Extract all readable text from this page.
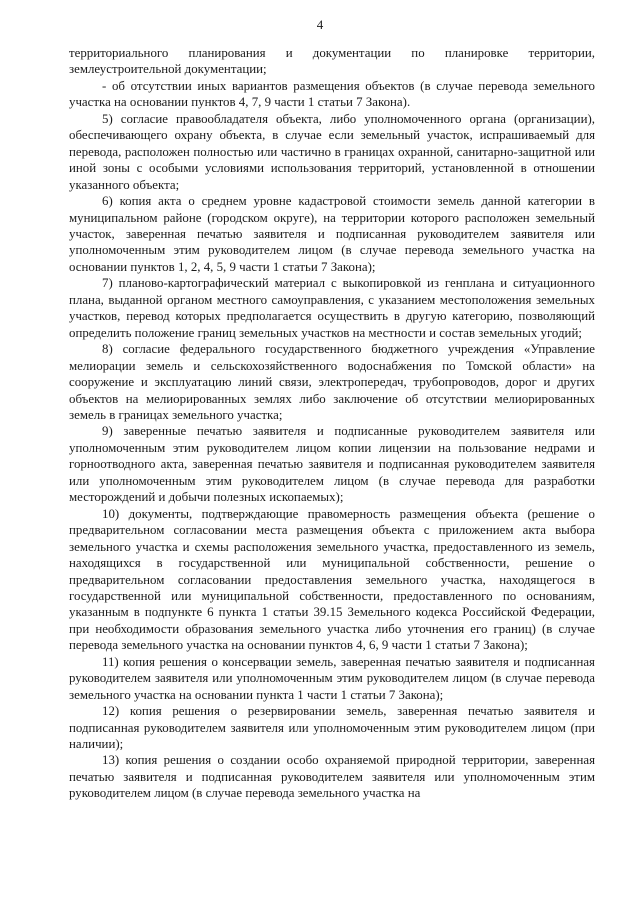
4

территориального планирования и документации по планировке территории, землеустроительной документации;

- об отсутствии иных вариантов размещения объектов (в случае перевода земельного участка на основании пунктов 4, 7, 9 части 1 статьи 7 Закона).

5) согласие правообладателя объекта, либо уполномоченного органа (организации), обеспечивающего охрану объекта, в случае если земельный участок, испрашиваемый для перевода, расположен полностью или частично в границах охранной, санитарно-защитной или иной зоны с особыми условиями использования территорий, установленной в отношении указанного объекта;

6) копия акта о среднем уровне кадастровой стоимости земель данной категории в муниципальном районе (городском округе), на территории которого расположен земельный участок, заверенная печатью заявителя и подписанная руководителем заявителя или уполномоченным этим руководителем лицом (в случае перевода земельного участка на основании пунктов 1, 2, 4, 5, 9 части 1 статьи 7 Закона);

7) планово-картографический материал с выкопировкой из генплана и ситуационного плана, выданной органом местного самоуправления, с указанием местоположения земельных участков, перевод которых предполагается осуществить в другую категорию, позволяющий определить положение границ земельных участков на местности и состав земельных угодий;

8) согласие федерального государственного бюджетного учреждения «Управление мелиорации земель и сельскохозяйственного водоснабжения по Томской области» на сооружение и эксплуатацию линий связи, электропередач, трубопроводов, дорог и других объектов на мелиорированных землях либо заключение об отсутствии мелиорированных земель в границах земельного участка;

9) заверенные печатью заявителя и подписанные руководителем заявителя или уполномоченным этим руководителем лицом копии лицензии на пользование недрами и горноотводного акта, заверенная печатью заявителя и подписанная руководителем заявителя или уполномоченным этим руководителем лицом (в случае перевода для разработки месторождений и добычи полезных ископаемых);

10) документы, подтверждающие правомерность размещения объекта (решение о предварительном согласовании места размещения объекта с приложением акта выбора земельного участка и схемы расположения земельного участка, предоставленного из земель, находящихся в государственной или муниципальной собственности, решение о предварительном согласовании предоставления земельного участка, находящегося в государственной или муниципальной собственности, предоставленного по основаниям, указанным в подпункте 6 пункта 1 статьи 39.15 Земельного кодекса Российской Федерации, при необходимости образования земельного участка либо уточнения его границ) (в случае перевода земельного участка на основании пунктов 4, 6, 9 части 1 статьи 7 Закона);

11) копия решения о консервации земель, заверенная печатью заявителя и подписанная руководителем заявителя или уполномоченным этим руководителем лицом (в случае перевода земельного участка на основании пункта 1 части 1 статьи 7 Закона);

12) копия решения о резервировании земель, заверенная печатью заявителя и подписанная руководителем заявителя или уполномоченным этим руководителем лицом (при наличии);

13) копия решения о создании особо охраняемой природной территории, заверенная печатью заявителя и подписанная руководителем заявителя или уполномоченным этим руководителем лицом (в случае перевода земельного участка на
